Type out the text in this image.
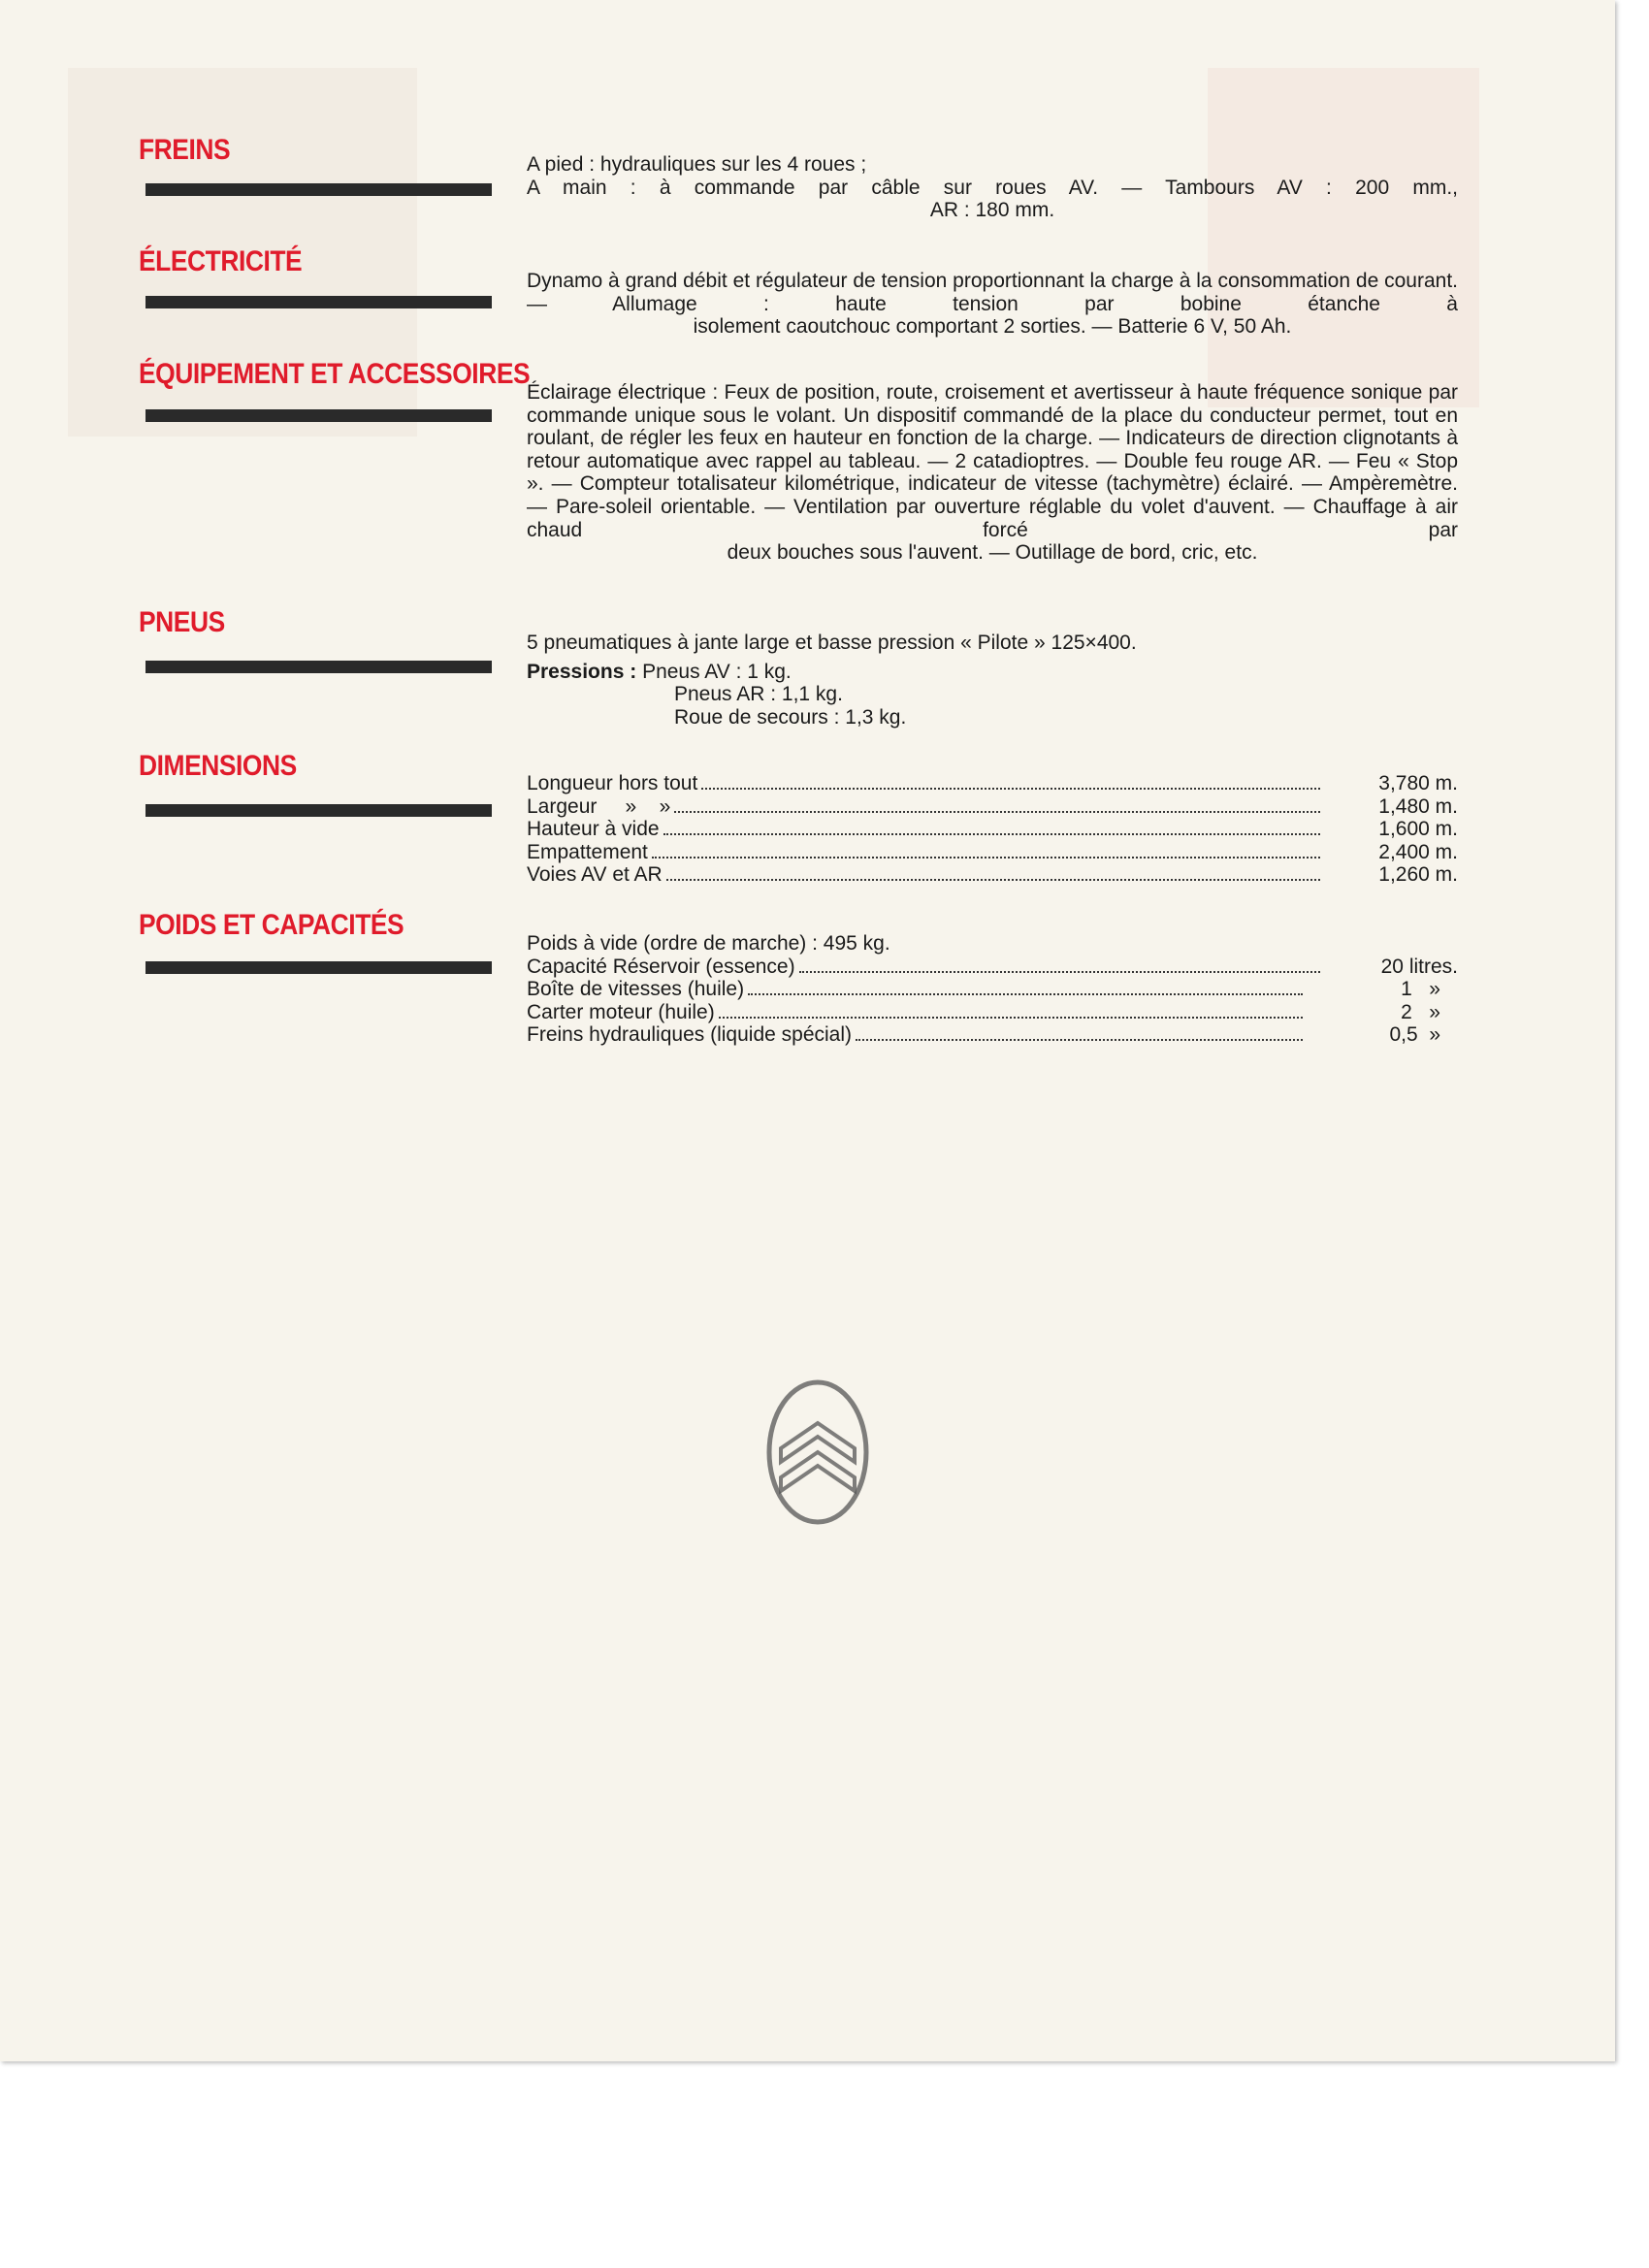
FREINS	A pied : hydrauliques sur les 4 roues ;

A main : à commande par câble sur roues AV. — Tambours AV : 200 mm.,

AR : 180 mm.

ÉLECTRICITÉ

Dynamo à grand débit et régulateur de tension proportionnant la charge à la consommation de courant. — Allumage : haute tension par bobine étanche à

isolement caoutchouc comportant 2 sorties. — Batterie 6 V, 50 Ah.

ÉQUIPEMENT ET ACCESSOIRES

Éclairage électrique : Feux de position, route, croisement et avertisseur à haute fréquence sonique par commande unique sous le volant. Un dispositif commandé de la place du conducteur permet, tout en roulant, de régler les feux en hauteur en fonction de la charge. — Indicateurs de direction clignotants à retour automatique avec rappel au tableau. — 2 catadioptres. — Double feu rouge AR. — Feu « Stop ». — Compteur totalisateur kilométrique, indicateur de vitesse (tachymètre) éclairé. — Ampèremètre. — Pare-soleil orientable. — Ventilation par ouverture réglable du volet d'auvent. — Chauffage à air chaud forcé par

deux bouches sous l'auvent. — Outillage de bord, cric, etc.

PNEUS

5 pneumatiques à jante large et basse pression « Pilote » 125×400.

Pressions : Pneus AV : 1 kg.

Pneus AR : 1,1 kg.

Roue de secours : 1,3 kg.

DIMENSIONS
Longueur hors tout	3,780 m.
Largeur     »    »	1,480 m.
Hauteur à vide	1,600 m.
Empattement	2,400 m.
Voies AV et AR	1,260 m.
POIDS ET CAPACITÉS

Poids à vide (ordre de marche) : 495 kg.

Capacité Réservoir (essence)	20 litres.
Boîte de vitesses (huile)	1   »
Carter moteur (huile)	2   »
Freins hydrauliques (liquide spécial)	0,5  »
